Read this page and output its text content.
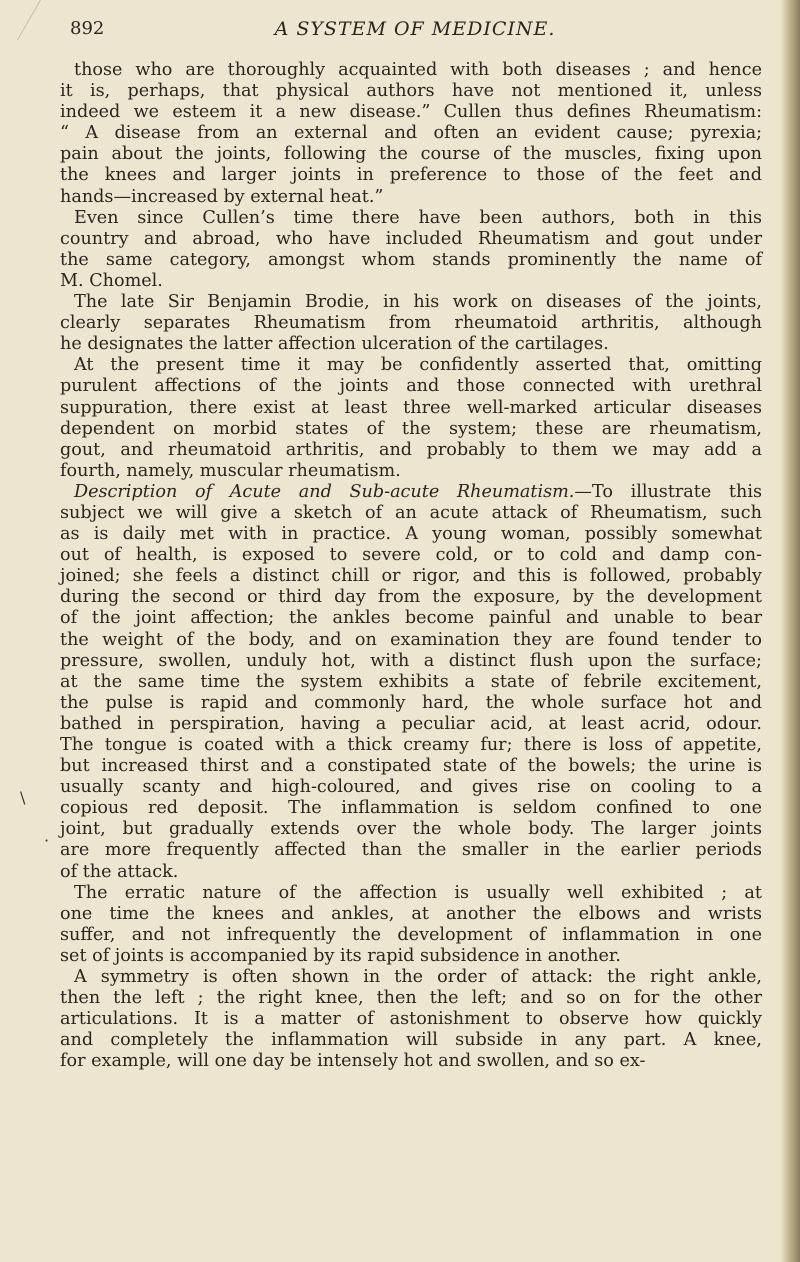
892	A SYSTEM OF MEDICINE.
those who are thoroughly acquainted with both diseases ; and hence
it is, perhaps, that physical authors have not mentioned it, unless
indeed we esteem it a new disease.” Cullen thus defines Rheumatism:
“ A disease from an external and often an evident cause; pyrexia;
pain about the joints, following the course of the muscles, fixing upon
the knees and larger joints in preference to those of the feet and
hands—increased by external heat.”
Even since Cullen’s time there have been authors, both in this
country and abroad, who have included Rheumatism and gout under
the same category, amongst whom stands prominently the name of
M. Chomel.
The late Sir Benjamin Brodie, in his work on diseases of the joints,
clearly separates Rheumatism from rheumatoid arthritis, although
he designates the latter affection ulceration of the cartilages.
At the present time it may be confidently asserted that, omitting
purulent affections of the joints and those connected with urethral
suppuration, there exist at least three well-marked articular diseases
dependent on morbid states of the system; these are rheumatism,
gout, and rheumatoid arthritis, and probably to them we may add a
fourth, namely, muscular rheumatism.
Description of Acute and Sub-acute Rheumatism.—To illustrate this
subject we will give a sketch of an acute attack of Rheumatism, such
as is daily met with in practice. A young woman, possibly somewhat
out of health, is exposed to severe cold, or to cold and damp con-
joined; she feels a distinct chill or rigor, and this is followed, probably
during the second or third day from the exposure, by the development
of the joint affection; the ankles become painful and unable to bear
the weight of the body, and on examination they are found tender to
pressure, swollen, unduly hot, with a distinct flush upon the surface;
at the same time the system exhibits a state of febrile excitement,
the pulse is rapid and commonly hard, the whole surface hot and
bathed in perspiration, having a peculiar acid, at least acrid, odour.
The tongue is coated with a thick creamy fur; there is loss of appetite,
but increased thirst and a constipated state of the bowels; the urine is
usually scanty and high-coloured, and gives rise on cooling to a
copious red deposit. The inflammation is seldom confined to one
joint, but gradually extends over the whole body. The larger joints
are more frequently affected than the smaller in the earlier periods
of the attack.
The erratic nature of the affection is usually well exhibited ; at
one time the knees and ankles, at another the elbows and wrists
suffer, and not infrequently the development of inflammation in one
set of joints is accompanied by its rapid subsidence in another.
A symmetry is often shown in the order of attack: the right ankle,
then the left ; the right knee, then the left; and so on for the other
articulations. It is a matter of astonishment to observe how quickly
and completely the inflammation will subside in any part. A knee,
for example, will one day be intensely hot and swollen, and so ex-
\
·
